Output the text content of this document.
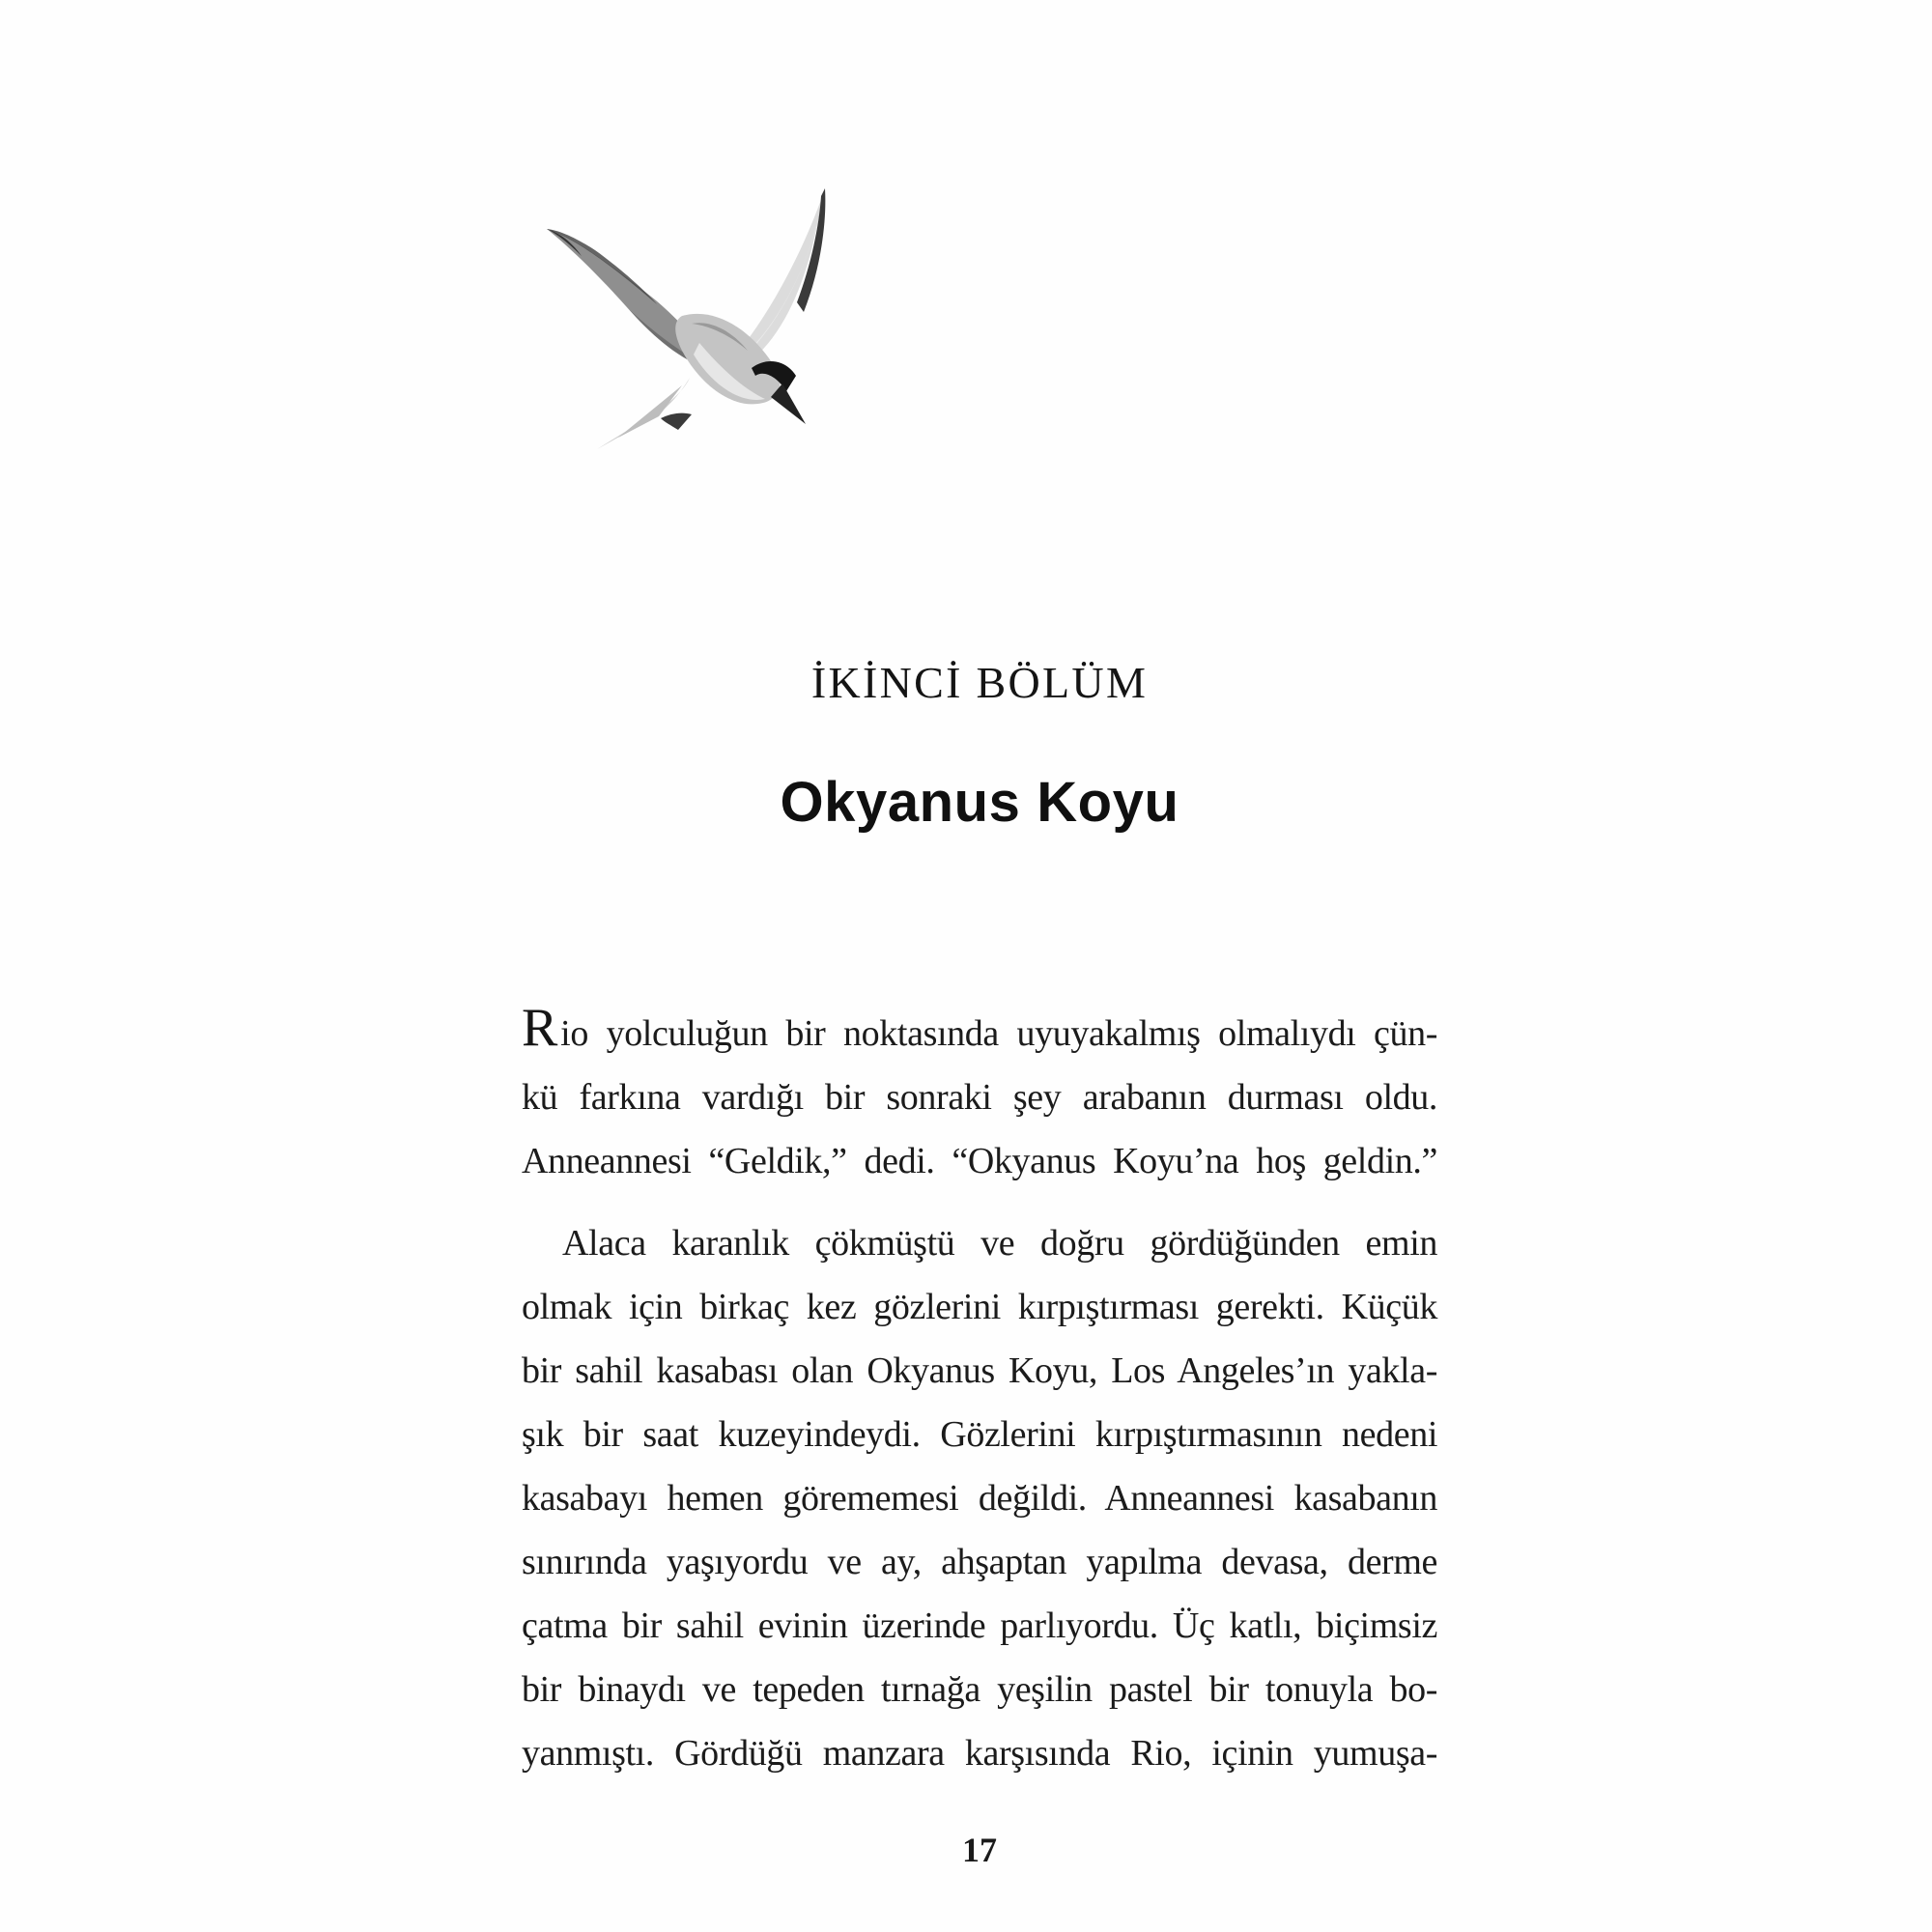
İKİNCİ BÖLÜM
Okyanus Koyu
Rio yolculuğun bir noktasında uyuyakalmış olmalıydı çün-
kü farkına vardığı bir sonraki şey arabanın durması oldu.
Anneannesi “Geldik,” dedi. “Okyanus Koyu’na hoş geldin.”
Alaca karanlık çökmüştü ve doğru gördüğünden emin
olmak için birkaç kez gözlerini kırpıştırması gerekti. Küçük
bir sahil kasabası olan Okyanus Koyu, Los Angeles’ın yakla-
şık bir saat kuzeyindeydi. Gözlerini kırpıştırmasının nedeni
kasabayı hemen görememesi değildi. Anneannesi kasabanın
sınırında yaşıyordu ve ay, ahşaptan yapılma devasa, derme
çatma bir sahil evinin üzerinde parlıyordu. Üç katlı, biçimsiz
bir binaydı ve tepeden tırnağa yeşilin pastel bir tonuyla bo-
yanmıştı. Gördüğü manzara karşısında Rio, içinin yumuşa-
17
